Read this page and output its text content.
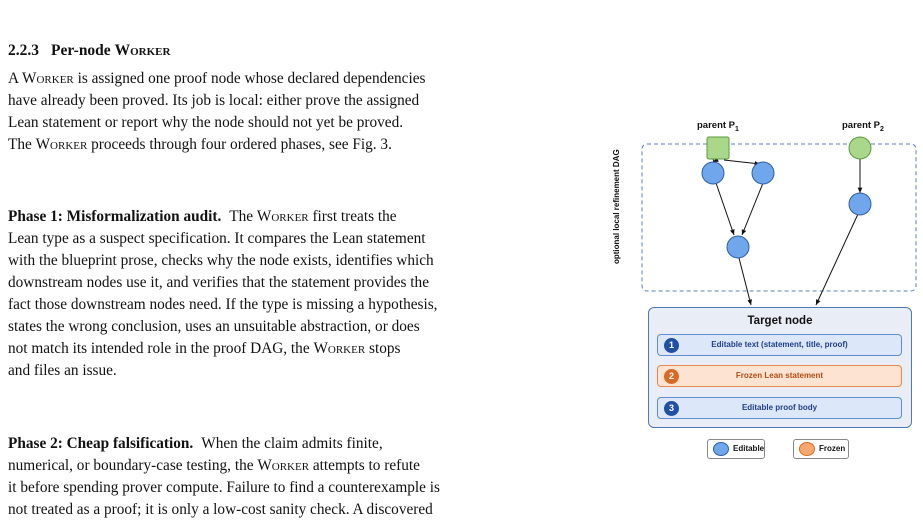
2.2.3 Per-node Worker

A Worker is assigned one proof node whose declared dependencies
have already been proved. Its job is local: either prove the assigned
Lean statement or report why the node should not yet be proved.
The Worker proceeds through four ordered phases, see Fig. 3.

Phase 1: Misformalization audit. The Worker first treats the
Lean type as a suspect specification. It compares the Lean statement
with the blueprint prose, checks why the node exists, identifies which
downstream nodes use it, and verifies that the statement provides the
fact those downstream nodes need. If the type is missing a hypothesis,
states the wrong conclusion, uses an unsuitable abstraction, or does
not match its intended role in the proof DAG, the Worker stops
and files an issue.

Phase 2: Cheap falsification. When the claim admits finite,
numerical, or boundary-case testing, the Worker attempts to refute
it before spending prover compute. Failure to find a counterexample is
not treated as a proof; it is only a low-cost sanity check. A discovered

parent $P_1$	parent $P_2$
optional local refinement DAG
Target node
1	Editable text (statement, title, proof)
2	Frozen Lean statement
3	Editable proof body
Editable	Frozen
